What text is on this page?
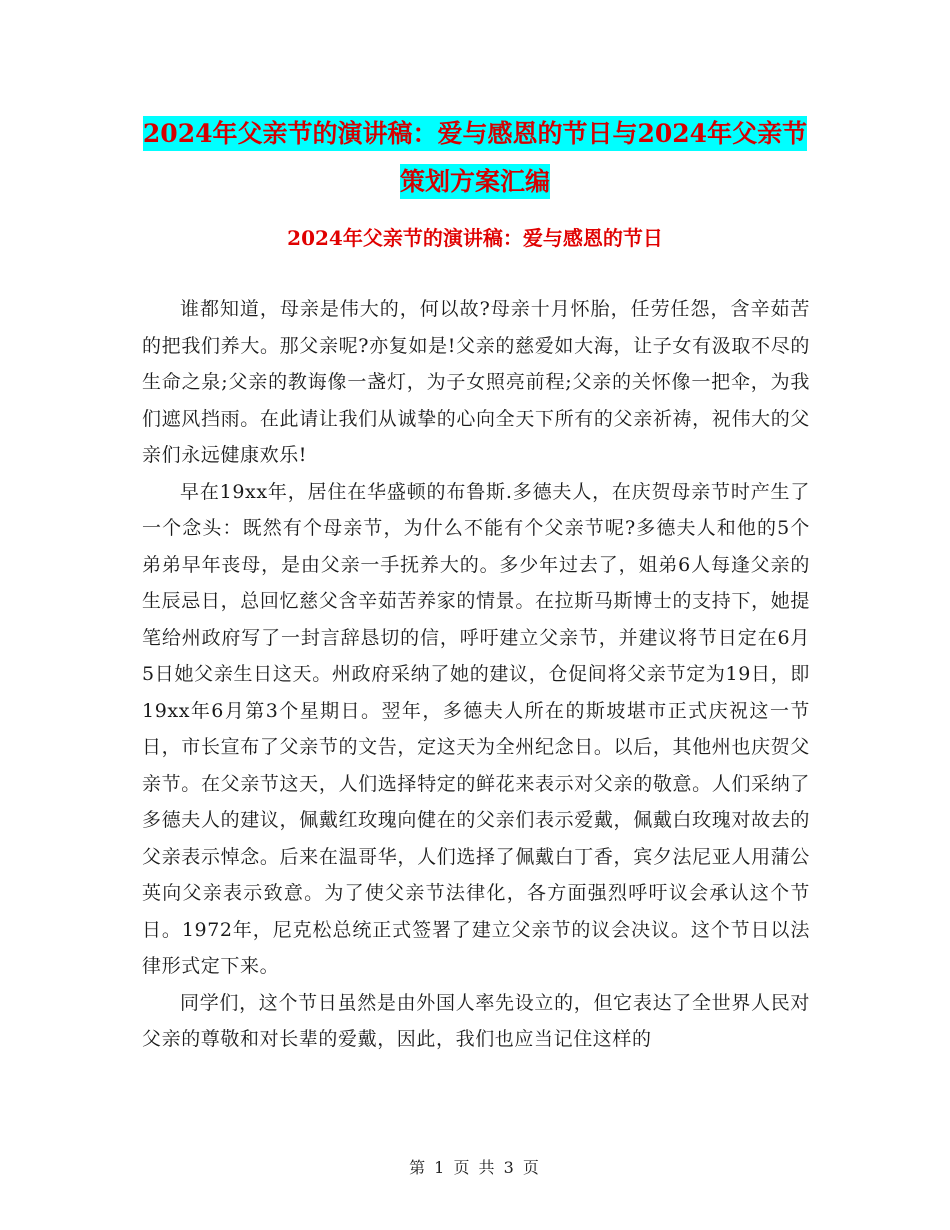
2024年父亲节的演讲稿：爱与感恩的节日与2024年父亲节策划方案汇编
2024年父亲节的演讲稿：爱与感恩的节日

谁都知道，母亲是伟大的，何以故?母亲十月怀胎，任劳任怨，含辛茹苦的把我们养大。那父亲呢?亦复如是!父亲的慈爱如大海，让子女有汲取不尽的生命之泉;父亲的教诲像一盏灯，为子女照亮前程;父亲的关怀像一把伞，为我们遮风挡雨。在此请让我们从诚挚的心向全天下所有的父亲祈祷，祝伟大的父亲们永远健康欢乐!

早在19xx年，居住在华盛顿的布鲁斯.多德夫人，在庆贺母亲节时产生了一个念头：既然有个母亲节，为什么不能有个父亲节呢?多德夫人和他的5个弟弟早年丧母，是由父亲一手抚养大的。多少年过去了，姐弟6人每逢父亲的生辰忌日，总回忆慈父含辛茹苦养家的情景。在拉斯马斯博士的支持下，她提笔给州政府写了一封言辞恳切的信，呼吁建立父亲节，并建议将节日定在6月5日她父亲生日这天。州政府采纳了她的建议，仓促间将父亲节定为19日，即19xx年6月第3个星期日。翌年，多德夫人所在的斯坡堪市正式庆祝这一节日，市长宣布了父亲节的文告，定这天为全州纪念日。以后，其他州也庆贺父亲节。在父亲节这天，人们选择特定的鲜花来表示对父亲的敬意。人们采纳了多德夫人的建议，佩戴红玫瑰向健在的父亲们表示爱戴，佩戴白玫瑰对故去的父亲表示悼念。后来在温哥华，人们选择了佩戴白丁香，宾夕法尼亚人用蒲公英向父亲表示致意。为了使父亲节法律化，各方面强烈呼吁议会承认这个节日。1972年，尼克松总统正式签署了建立父亲节的议会决议。这个节日以法律形式定下来。

同学们，这个节日虽然是由外国人率先设立的，但它表达了全世界人民对父亲的尊敬和对长辈的爱戴，因此，我们也应当记住这样的

第 1 页 共 3 页
